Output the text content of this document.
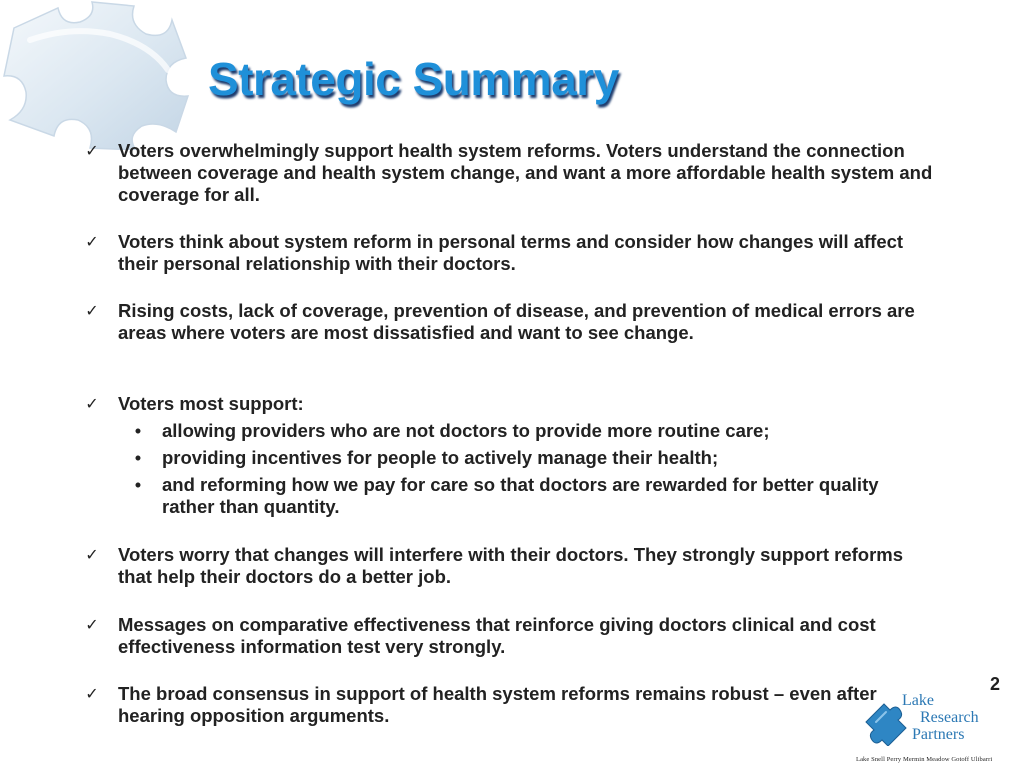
Strategic Summary

✓ Voters overwhelmingly support health system reforms. Voters understand the connection between coverage and health system change, and want a more affordable health system and coverage for all.

✓ Voters think about system reform in personal terms and consider how changes will affect their personal relationship with their doctors.

✓ Rising costs, lack of coverage, prevention of disease, and prevention of medical errors are areas where voters are most dissatisfied and want to see change.

✓ Voters most support:

• allowing providers who are not doctors to provide more routine care;

• providing incentives for people to actively manage their health;

• and reforming how we pay for care so that doctors are rewarded for better quality rather than quantity.

✓ Voters worry that changes will interfere with their doctors. They strongly support reforms that help their doctors do a better job.

✓ Messages on comparative effectiveness that reinforce giving doctors clinical and cost effectiveness information test very strongly.

✓ The broad consensus in support of health system reforms remains robust – even after hearing opposition arguments.

2
Lake
Research
Partners
Lake Snell Perry Mermin Meadow Gotoff Ulibarri
